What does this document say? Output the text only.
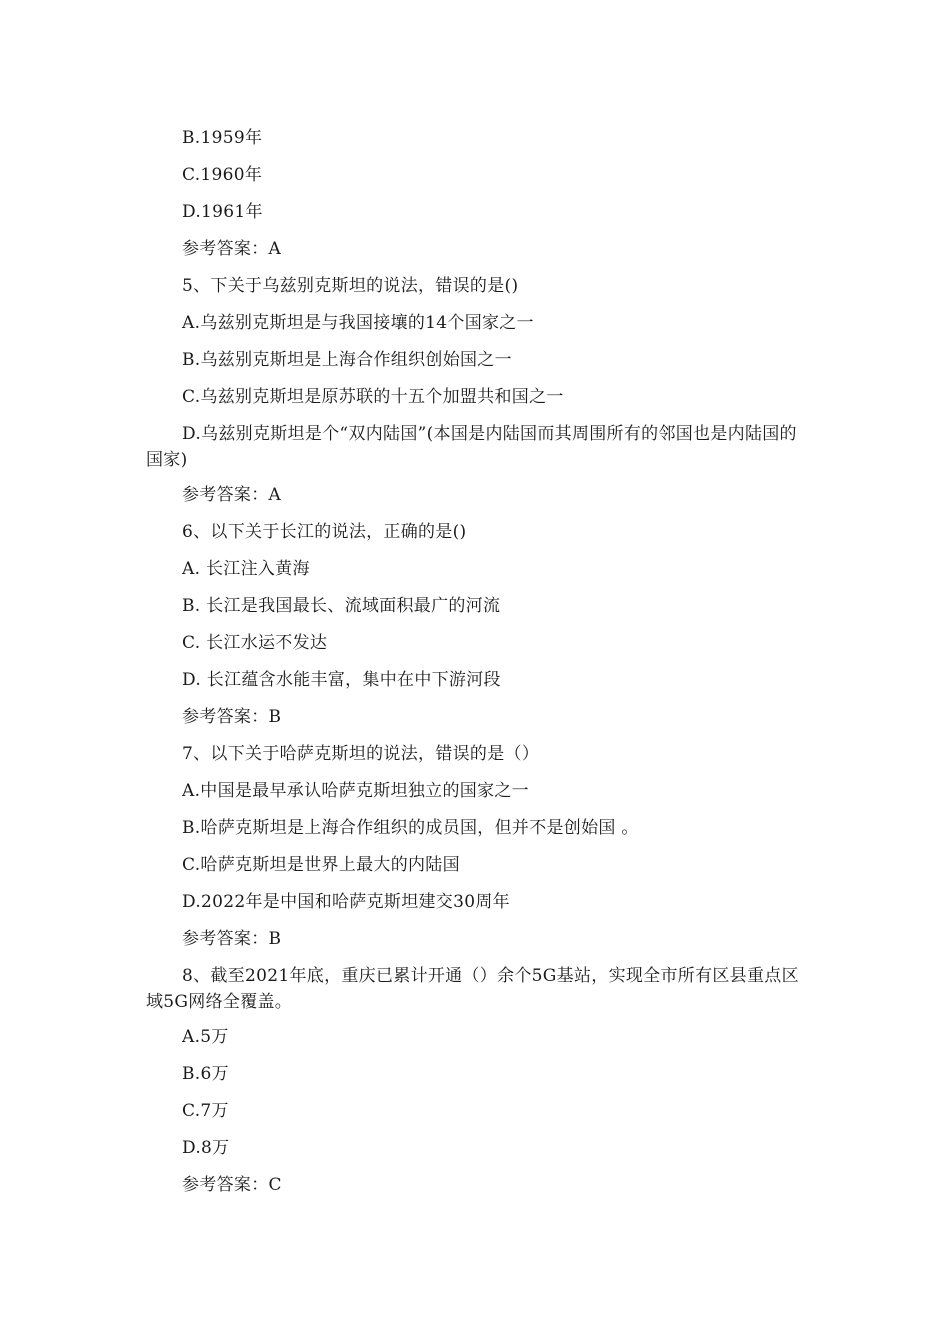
B.1959年
C.1960年
D.1961年
参考答案：A
5、下关于乌兹别克斯坦的说法，错误的是()
A.乌兹别克斯坦是与我国接壤的14个国家之一
B.乌兹别克斯坦是上海合作组织创始国之一
C.乌兹别克斯坦是原苏联的十五个加盟共和国之一
D.乌兹别克斯坦是个“双内陆国”(本国是内陆国而其周围所有的邻国也是内陆国的国家)
参考答案：A
6、以下关于长江的说法，正确的是()
A. 长江注入黄海
B. 长江是我国最长、流域面积最广的河流
C. 长江水运不发达
D. 长江蕴含水能丰富，集中在中下游河段
参考答案：B
7、以下关于哈萨克斯坦的说法，错误的是（）
A.中国是最早承认哈萨克斯坦独立的国家之一
B.哈萨克斯坦是上海合作组织的成员国，但并不是创始国 。
C.哈萨克斯坦是世界上最大的内陆国
D.2022年是中国和哈萨克斯坦建交30周年
参考答案：B
8、截至2021年底，重庆已累计开通（）余个5G基站，实现全市所有区县重点区域5G网络全覆盖。
A.5万
B.6万
C.7万
D.8万
参考答案：C
